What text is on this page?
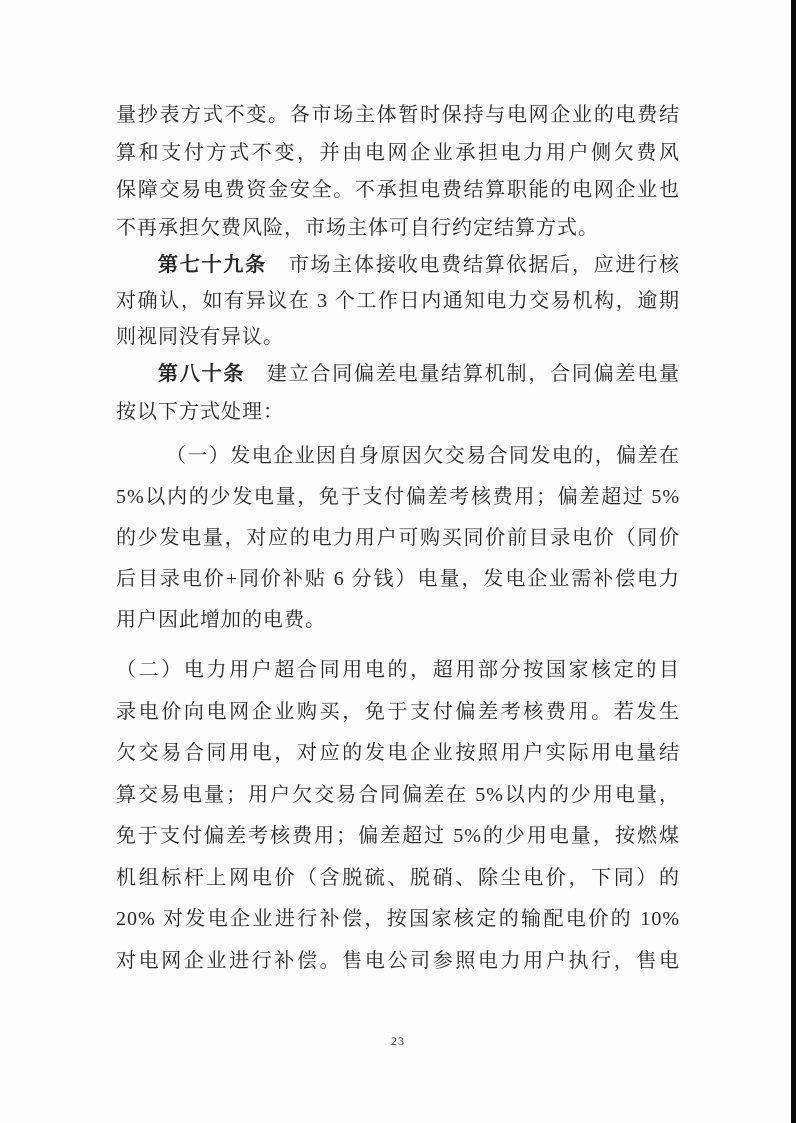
量抄表方式不变。各市场主体暂时保持与电网企业的电费结
算和支付方式不变，并由电网企业承担电力用户侧欠费风
保障交易电费资金安全。不承担电费结算职能的电网企业也
不再承担欠费风险，市场主体可自行约定结算方式。
第七十九条　市场主体接收电费结算依据后，应进行核
对确认，如有异议在 3 个工作日内通知电力交易机构，逾期
则视同没有异议。
第八十条　建立合同偏差电量结算机制，合同偏差电量
按以下方式处理：
（一）发电企业因自身原因欠交易合同发电的，偏差在
5%以内的少发电量，免于支付偏差考核费用；偏差超过 5%
的少发电量，对应的电力用户可购买同价前目录电价（同价
后目录电价+同价补贴 6 分钱）电量，发电企业需补偿电力
用户因此增加的电费。
（二）电力用户超合同用电的，超用部分按国家核定的目
录电价向电网企业购买，免于支付偏差考核费用。若发生
欠交易合同用电，对应的发电企业按照用户实际用电量结
算交易电量；用户欠交易合同偏差在 5%以内的少用电量，
免于支付偏差考核费用；偏差超过 5%的少用电量，按燃煤
机组标杆上网电价（含脱硫、脱硝、除尘电价，下同）的
20% 对发电企业进行补偿，按国家核定的输配电价的 10%
对电网企业进行补偿。售电公司参照电力用户执行，售电
23
